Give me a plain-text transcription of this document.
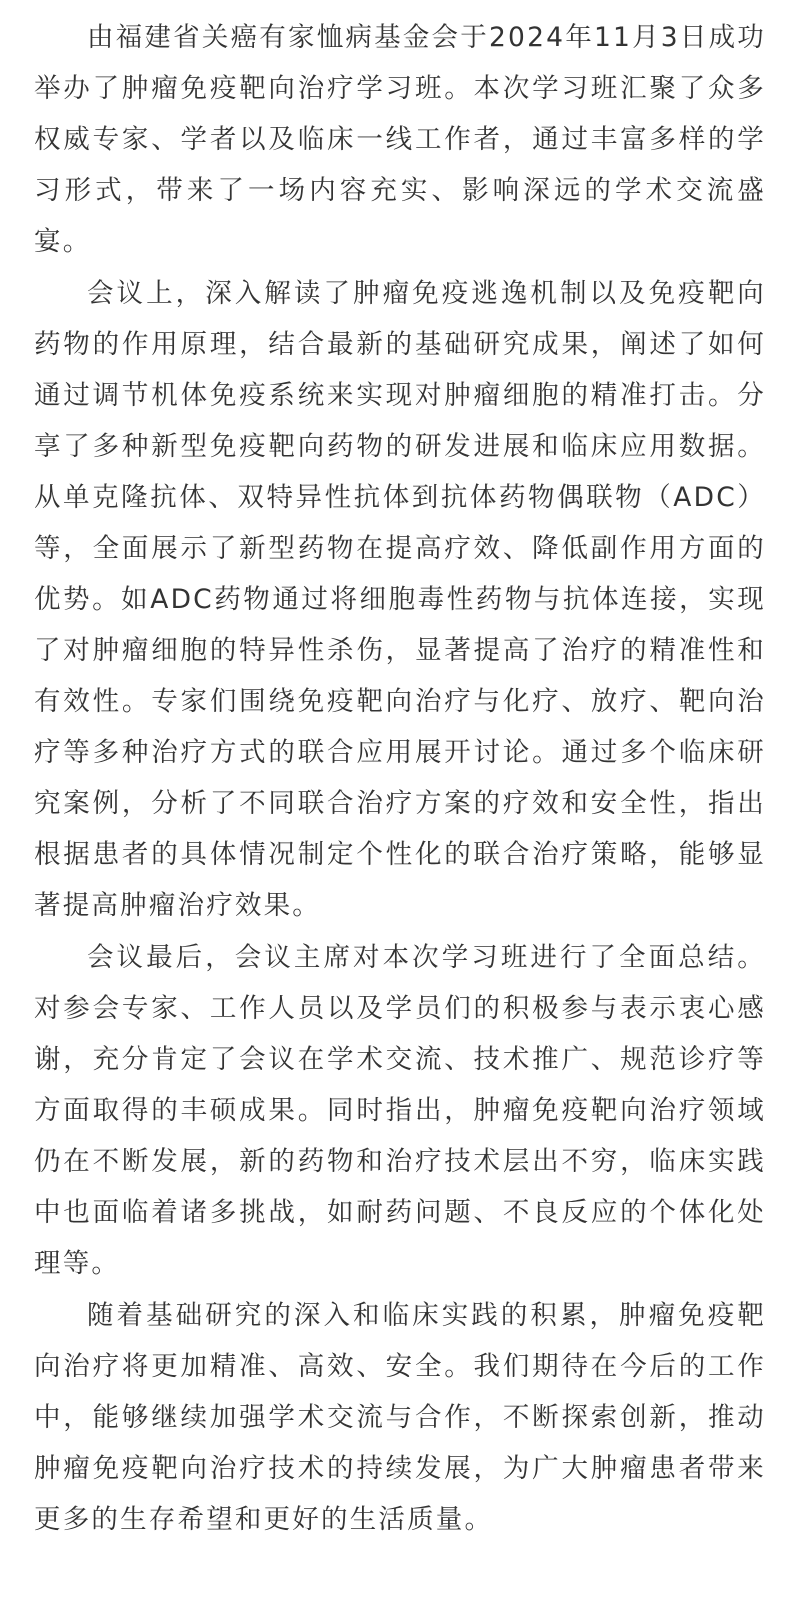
由福建省关癌有家恤病基金会于2024年11月3日成功举办了肿瘤免疫靶向治疗学习班。本次学习班汇聚了众多权威专家、学者以及临床一线工作者，通过丰富多样的学习形式，带来了一场内容充实、影响深远的学术交流盛宴。

会议上，深入解读了肿瘤免疫逃逸机制以及免疫靶向药物的作用原理，结合最新的基础研究成果，阐述了如何通过调节机体免疫系统来实现对肿瘤细胞的精准打击。分享了多种新型免疫靶向药物的研发进展和临床应用数据。从单克隆抗体、双特异性抗体到抗体药物偶联物（ADC）等，全面展示了新型药物在提高疗效、降低副作用方面的优势。如ADC药物通过将细胞毒性药物与抗体连接，实现了对肿瘤细胞的特异性杀伤，显著提高了治疗的精准性和有效性。专家们围绕免疫靶向治疗与化疗、放疗、靶向治疗等多种治疗方式的联合应用展开讨论。通过多个临床研究案例，分析了不同联合治疗方案的疗效和安全性，指出根据患者的具体情况制定个性化的联合治疗策略，能够显著提高肿瘤治疗效果。

会议最后，会议主席对本次学习班进行了全面总结。对参会专家、工作人员以及学员们的积极参与表示衷心感谢，充分肯定了会议在学术交流、技术推广、规范诊疗等方面取得的丰硕成果。同时指出，肿瘤免疫靶向治疗领域仍在不断发展，新的药物和治疗技术层出不穷，临床实践中也面临着诸多挑战，如耐药问题、不良反应的个体化处理等。

随着基础研究的深入和临床实践的积累，肿瘤免疫靶向治疗将更加精准、高效、安全。我们期待在今后的工作中，能够继续加强学术交流与合作，不断探索创新，推动肿瘤免疫靶向治疗技术的持续发展，为广大肿瘤患者带来更多的生存希望和更好的生活质量。
